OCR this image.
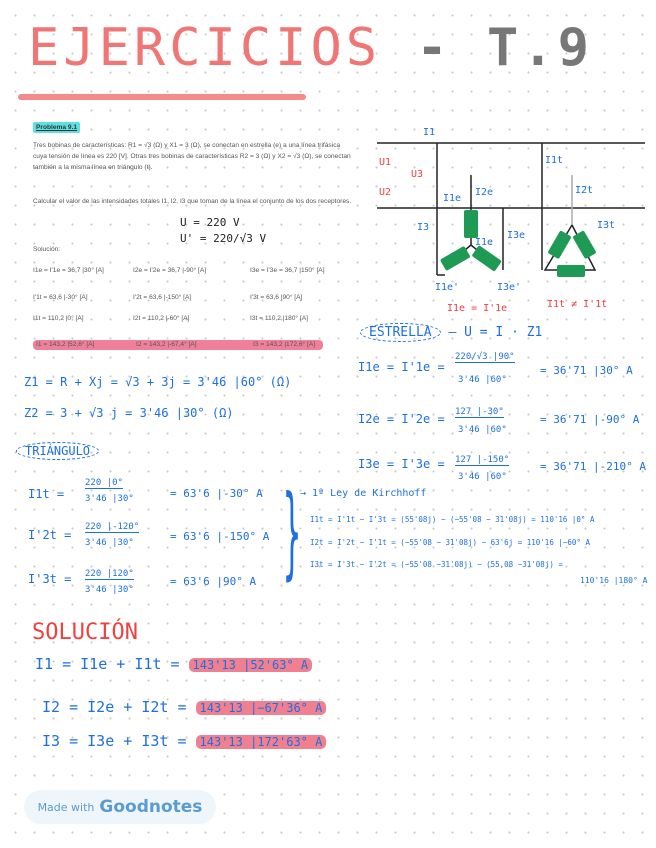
EJERCICIOS - T.9
Problema 9.1
Tres bobinas de características: R1 = √3 (Ω) y X1 = 3 (Ω), se conectan en estrella (e) a una línea trifásica cuya tensión de línea es 220 [V]. Otras tres bobinas de características R2 = 3 (Ω) y X2 = √3 (Ω), se conectan también a la misma línea en triángulo (t).
Calcular el valor de las intensidades totales I1, I2, I3 que toman de la línea el conjunto de los dos receptores.
U = 220 V
U' = 220/√3 V
Solución:
I1e = I'1e = 36,7 |30° [A]	I2e = I'2e = 36,7 |-90° [A]	I3e = I'3e = 36,7 |150° [A]
I'1t = 63,6 |-30° [A]	I'2t = 63,6 |-150° [A]	I'3t = 63,6 |90° [A]
I1t = 110,2 |0° [A]	I2t = 110,2 |-60° [A]	I3t = 110,2 |180° [A]
I1 = 143,2 |52,6° [A]	I2 = 143,2 |-67,4° [A]	I3 = 143,2 |172,6° [A]
I1
I3
I1e
I2e
I3e
I1e
I1e'	I3e'
I1t
I2t
I3t
U1
U2
U3
I1e = I'1e	I1t ≠ I'1t
ESTRELLA — U = I · Z1
I1e = I'1e =
220/√3 |90°
3'46 |60°
= 36'71 |30° A
I2e = I'2e = 127 |-30°
3'46 |60°
= 36'71 |-90° A
I3e = I'3e = 127 |-150°
3'46 |60°
= 36'71 |-210° A
Z1 = R + Xj = √3 + 3j = 3'46 |60° (Ω)
Z2 = 3 + √3 j = 3'46 |30° (Ω)
TRIÁNGULO
I1t =
220 |0°
3'46 |30°	= 63'6 |-30° A
I'2t =
220 |-120°
3'46 |30°	= 63'6 |-150° A
I'3t = 220 |120°
3'46 |30°
= 63'6 |90° A }
→ 1ª Ley de Kirchhoff
I1t = I'1t − I'3t = (55'08j) − (−55'08 − 31'08j) = 110'16 |0° A
I2t = I'2t − I'1t = (−55'08 − 31'08j) − 63'6j = 110'16 |−60° A
I3t = I'3t − I'2t = (−55'08 −31'08j) − (55,08 −31'08j) =
110'16 |180° A
SOLUCIÓN
I1 = I1e + I1t = 143'13 |52'63° A
I2 = I2e + I2t = 143'13 |−67'36° A
I3 = I3e + I3t = 143'13 |172'63° A
Made with Goodnotes
